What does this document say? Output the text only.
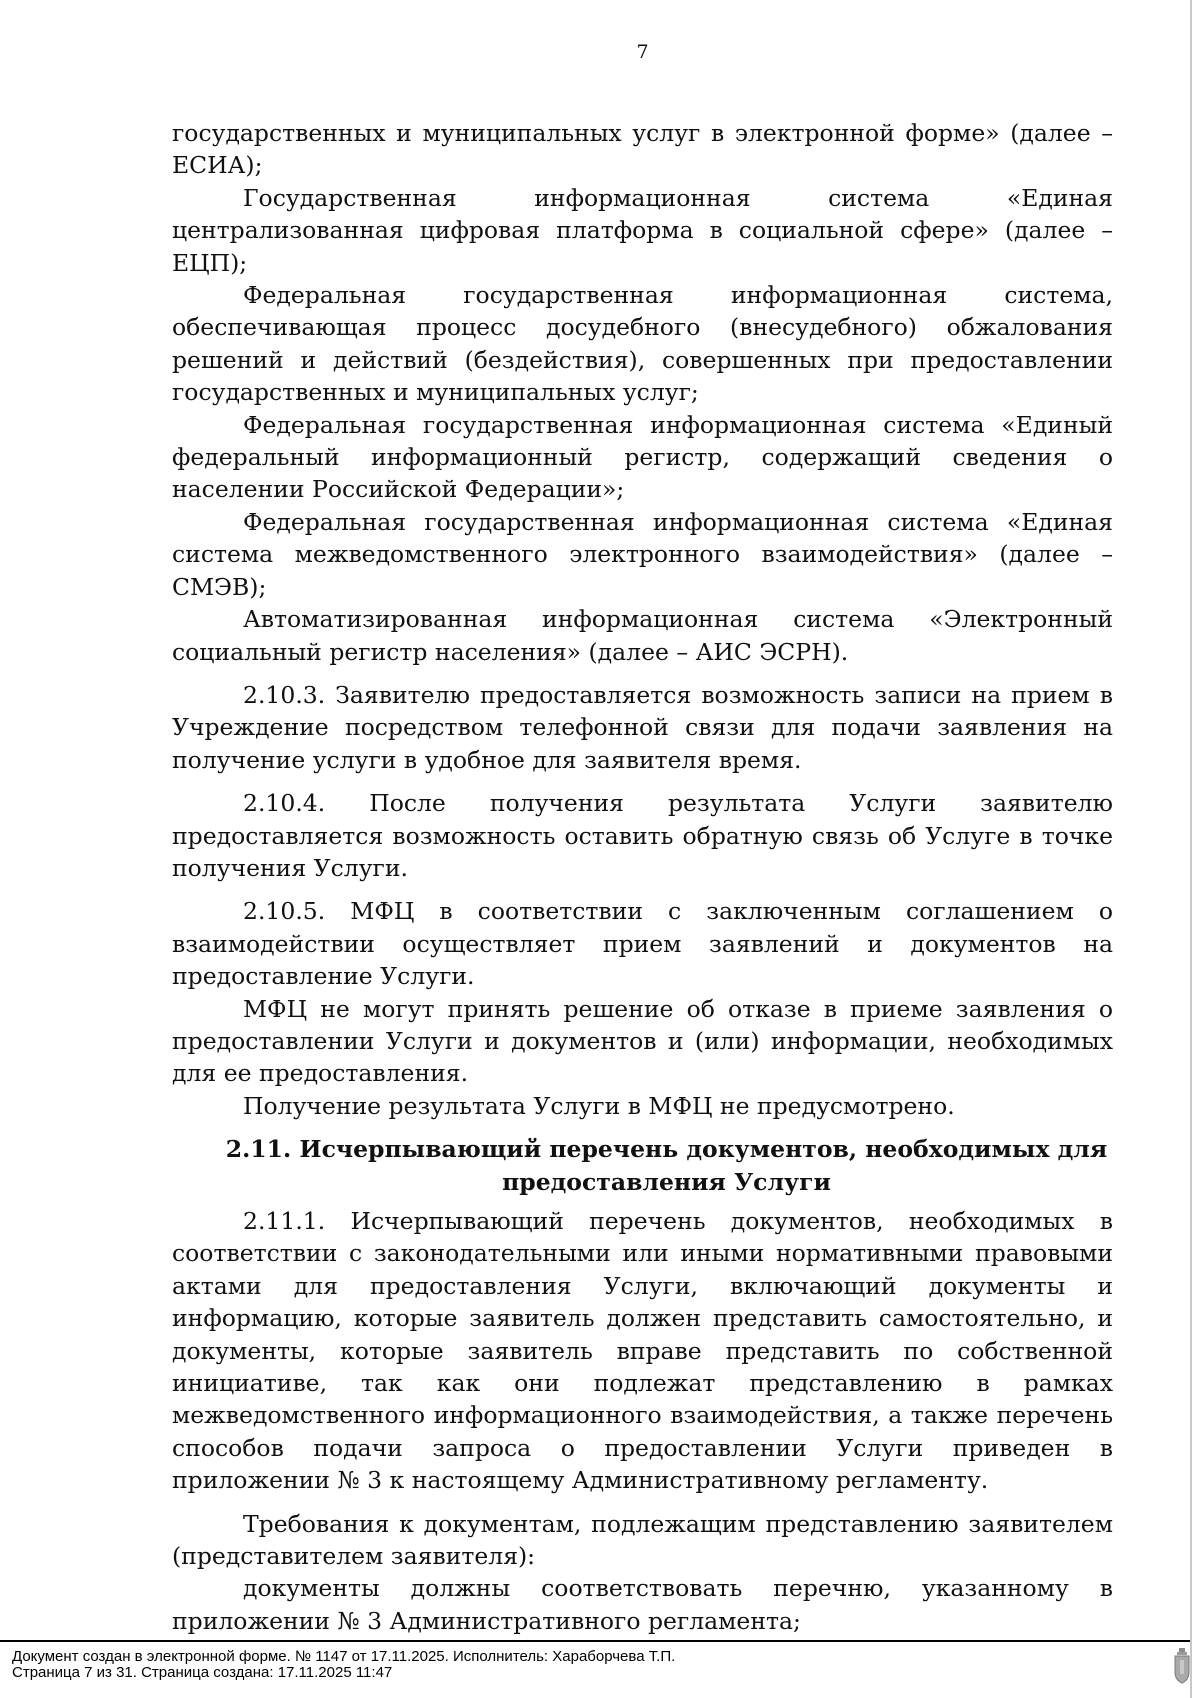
7

государственных и муниципальных услуг в электронной форме» (далее – ЕСИА);

Государственная информационная система «Единая централизованная цифровая платформа в социальной сфере» (далее – ЕЦП);

Федеральная государственная информационная система, обеспечивающая процесс досудебного (внесудебного) обжалования решений и действий (бездействия), совершенных при предоставлении государственных и муниципальных услуг;

Федеральная государственная информационная система «Единый федеральный информационный регистр, содержащий сведения о населении Российской Федерации»;

Федеральная государственная информационная система «Единая система межведомственного электронного взаимодействия» (далее – СМЭВ);

Автоматизированная информационная система «Электронный социальный регистр населения» (далее – АИС ЭСРН).

2.10.3. Заявителю предоставляется возможность записи на прием в Учреждение посредством телефонной связи для подачи заявления на получение услуги в удобное для заявителя время.

2.10.4. После получения результата Услуги заявителю предоставляется возможность оставить обратную связь об Услуге в точке получения Услуги.

2.10.5. МФЦ в соответствии с заключенным соглашением о взаимодействии осуществляет прием заявлений и документов на предоставление Услуги.

МФЦ не могут принять решение об отказе в приеме заявления о предоставлении Услуги и документов и (или) информации, необходимых для ее предоставления.

Получение результата Услуги в МФЦ не предусмотрено.

2.11. Исчерпывающий перечень документов, необходимых для
предоставления Услуги

2.11.1. Исчерпывающий перечень документов, необходимых в соответствии с законодательными или иными нормативными правовыми актами для предоставления Услуги, включающий документы и информацию, которые заявитель должен представить самостоятельно, и документы, которые заявитель вправе представить по собственной инициативе, так как они подлежат представлению в рамках межведомственного информационного взаимодействия, а также перечень способов подачи запроса о предоставлении Услуги приведен в приложении № 3 к настоящему Административному регламенту.

Требования к документам, подлежащим представлению заявителем (представителем заявителя):

документы должны соответствовать перечню, указанному в приложении № 3 Административного регламента;

Документ создан в электронной форме. № 1147 от 17.11.2025. Исполнитель: Хараборчева Т.П.
Страница 7 из 31. Страница создана: 17.11.2025 11:47
